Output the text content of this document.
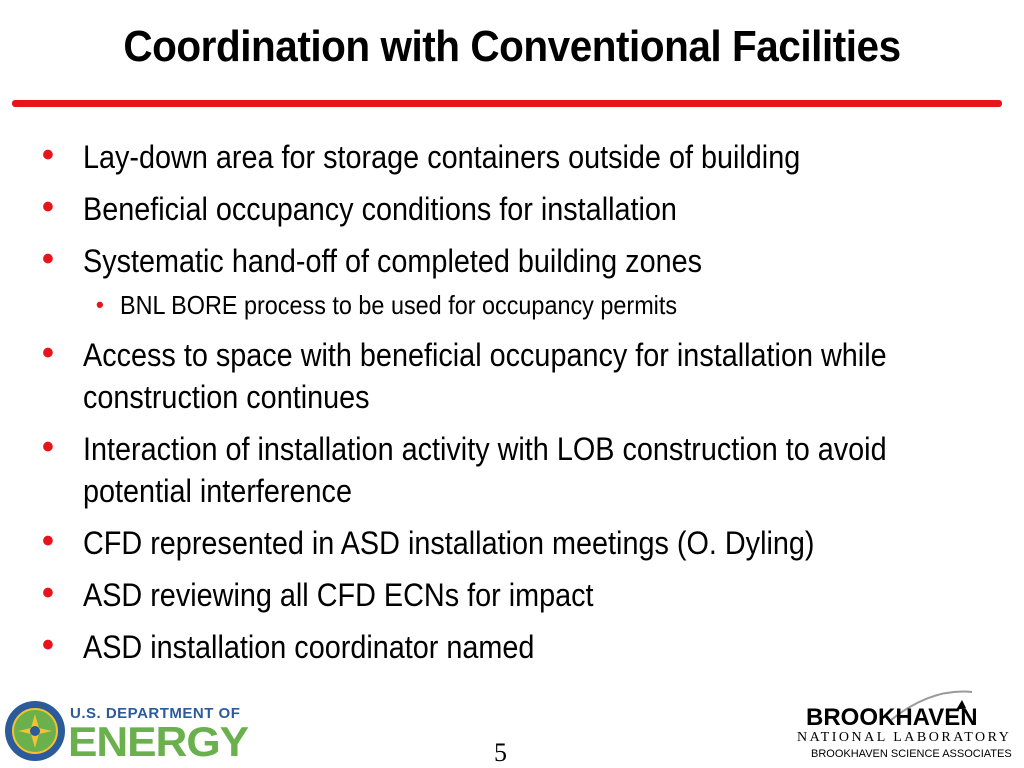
Coordination with Conventional Facilities
• Lay-down area for storage containers outside of building
• Beneficial occupancy conditions for installation
• Systematic hand-off of completed building zones
• BNL BORE process to be used for occupancy permits
• Access to space with beneficial occupancy for installation while construction continues
• Interaction of installation activity with LOB construction to avoid potential interference
• CFD represented in ASD installation meetings (O. Dyling)
• ASD reviewing all CFD ECNs for impact
• ASD installation coordinator named
U.S. DEPARTMENT OF
ENERGY	5
BROOKHAVEN
NATIONAL LABORATORY
BROOKHAVEN SCIENCE ASSOCIATES
